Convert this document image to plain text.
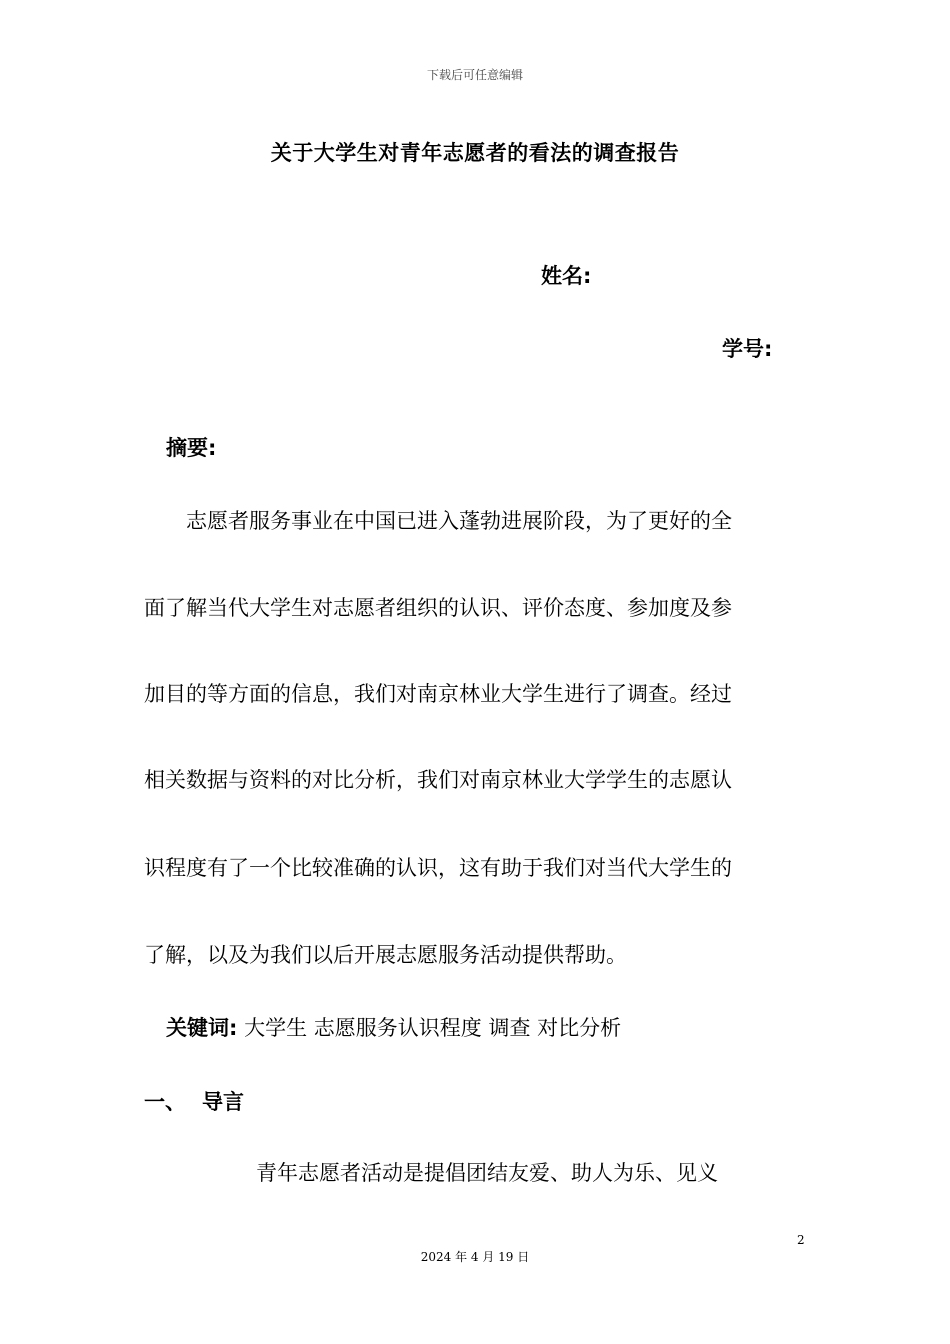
下载后可任意编辑
关于大学生对青年志愿者的看法的调查报告
姓名:
学号:
摘要:
　　志愿者服务事业在中国已进入蓬勃进展阶段，为了更好的全
面了解当代大学生对志愿者组织的认识、评价态度、参加度及参
加目的等方面的信息，我们对南京林业大学生进行了调查。经过
相关数据与资料的对比分析，我们对南京林业大学学生的志愿认
识程度有了一个比较准确的认识，这有助于我们对当代大学生的
了解，以及为我们以后开展志愿服务活动提供帮助。
关键词: 大学生 志愿服务认识程度 调查 对比分析
一、 导言
青年志愿者活动是提倡团结友爱、助人为乐、见义
2
2024 年 4 月 19 日
